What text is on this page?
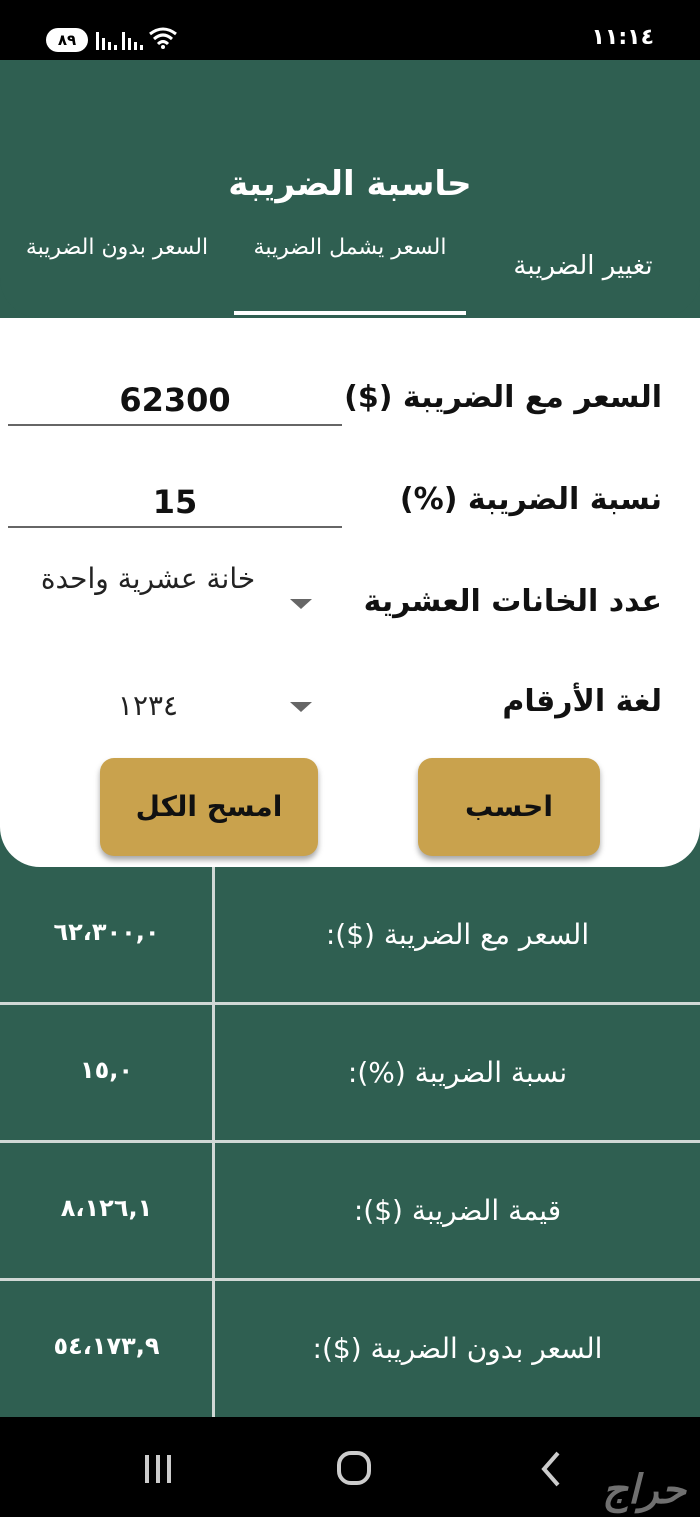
٨٩	١١:١٤
حاسبة الضريبة
تغيير الضريبة
السعر يشمل الضريبة
السعر بدون الضريبة
السعر مع الضريبة ($)
62300
نسبة الضريبة (%)
15
عدد الخانات العشرية
خانة عشرية واحدة
لغة الأرقام
١٢٣٤
احسب
امسح الكل
السعر مع الضريبة ($):
٦٢،٣٠٠,٠
نسبة الضريبة (%):
١٥,٠
قيمة الضريبة ($):
٨،١٢٦,١
السعر بدون الضريبة ($):
٥٤،١٧٣,٩
حراج
